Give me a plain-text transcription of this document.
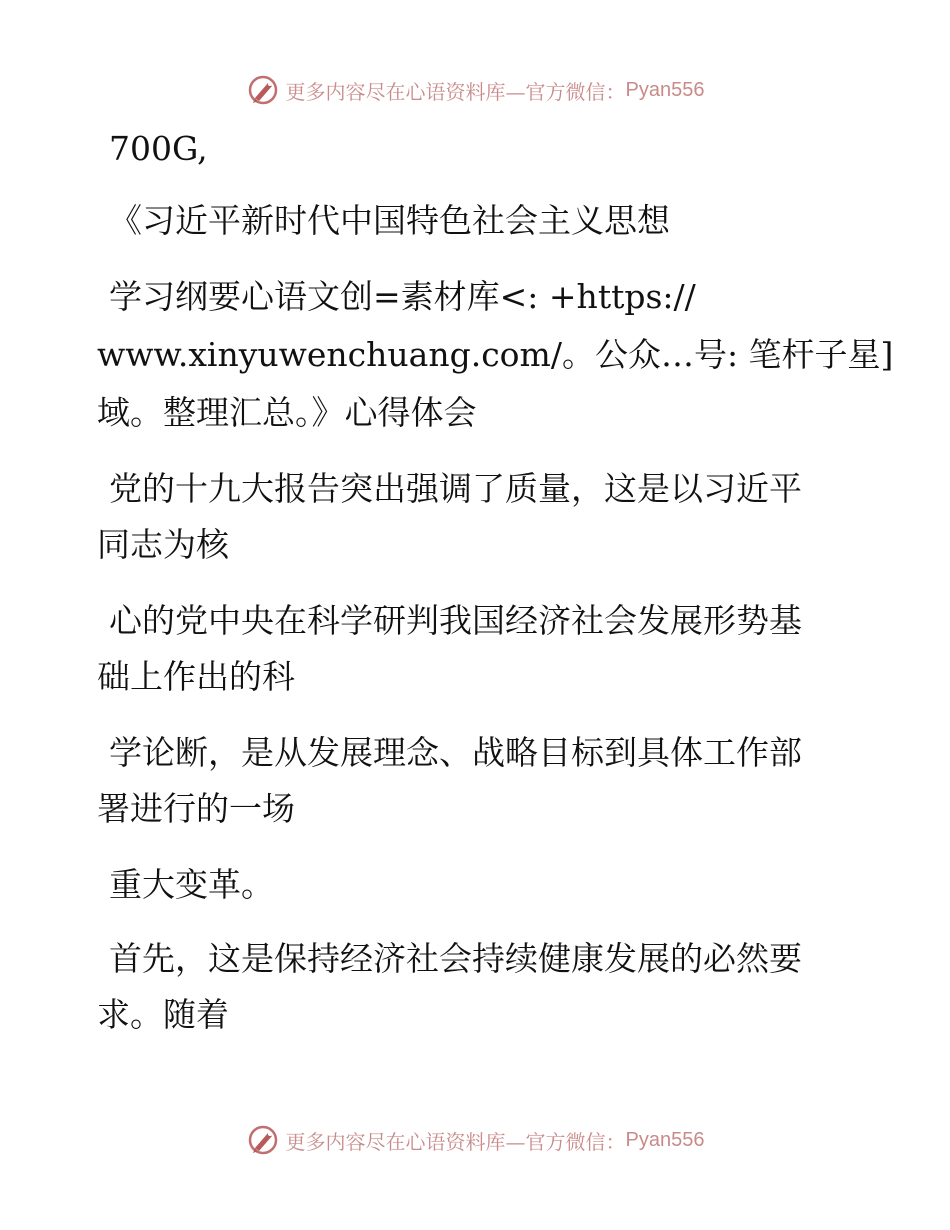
更多内容尽在心语资料库—官方微信： Pyan556
700G,
《习近平新时代中国特色社会主义思想
学习纲要心语文创=素材库<: +https://
www.xinyuwenchuang.com/。公众…号: 笔杆子星]
域。整理汇总。》心得体会
党的十九大报告突出强调了质量，这是以习近平
同志为核
心的党中央在科学研判我国经济社会发展形势基
础上作出的科
学论断，是从发展理念、战略目标到具体工作部
署进行的一场
重大变革。
首先，这是保持经济社会持续健康发展的必然要
求。随着
更多内容尽在心语资料库—官方微信： Pyan556
